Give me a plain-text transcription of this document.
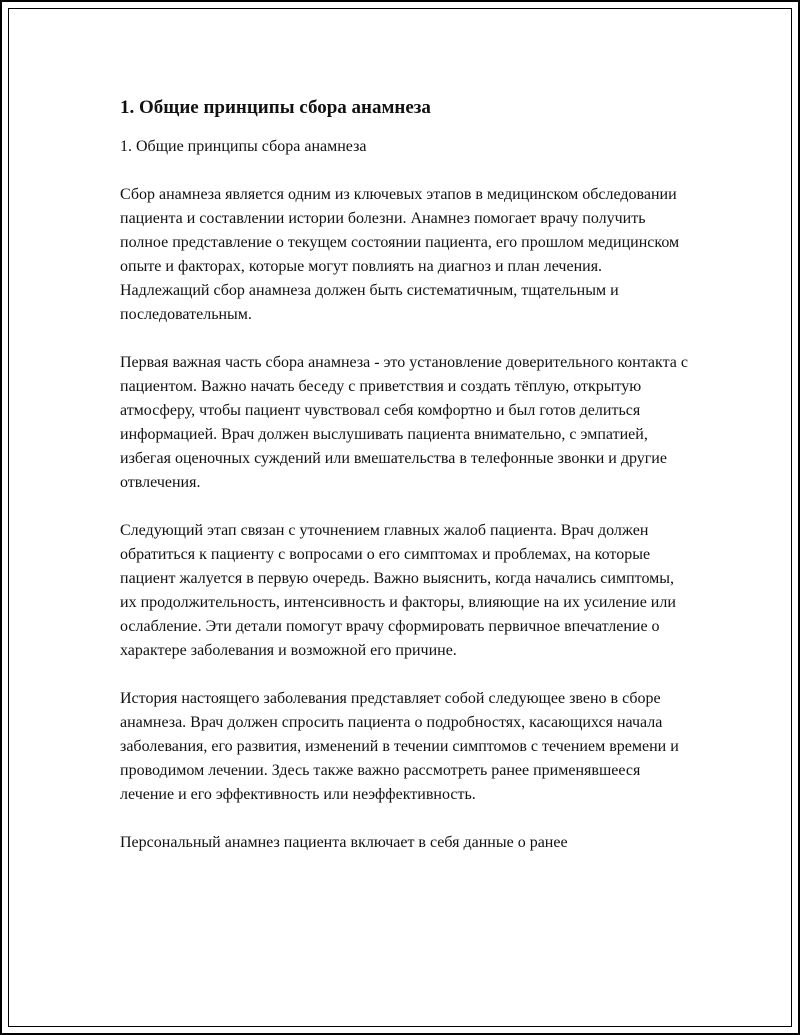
1. Общие принципы сбора анамнеза
1. Общие принципы сбора анамнеза

Сбор анамнеза является одним из ключевых этапов в медицинском обследовании пациента и составлении истории болезни. Анамнез помогает врачу получить полное представление о текущем состоянии пациента, его прошлом медицинском опыте и факторах, которые могут повлиять на диагноз и план лечения. Надлежащий сбор анамнеза должен быть систематичным, тщательным и последовательным.

Первая важная часть сбора анамнеза - это установление доверительного контакта с пациентом. Важно начать беседу с приветствия и создать тёплую, открытую атмосферу, чтобы пациент чувствовал себя комфортно и был готов делиться информацией. Врач должен выслушивать пациента внимательно, с эмпатией, избегая оценочных суждений или вмешательства в телефонные звонки и другие отвлечения.

Следующий этап связан с уточнением главных жалоб пациента. Врач должен обратиться к пациенту с вопросами о его симптомах и проблемах, на которые пациент жалуется в первую очередь. Важно выяснить, когда начались симптомы, их продолжительность, интенсивность и факторы, влияющие на их усиление или ослабление. Эти детали помогут врачу сформировать первичное впечатление о характере заболевания и возможной его причине.

История настоящего заболевания представляет собой следующее звено в сборе анамнеза. Врач должен спросить пациента о подробностях, касающихся начала заболевания, его развития, изменений в течении симптомов с течением времени и проводимом лечении. Здесь также важно рассмотреть ранее применявшееся лечение и его эффективность или неэффективность.

Персональный анамнез пациента включает в себя данные о ранее
